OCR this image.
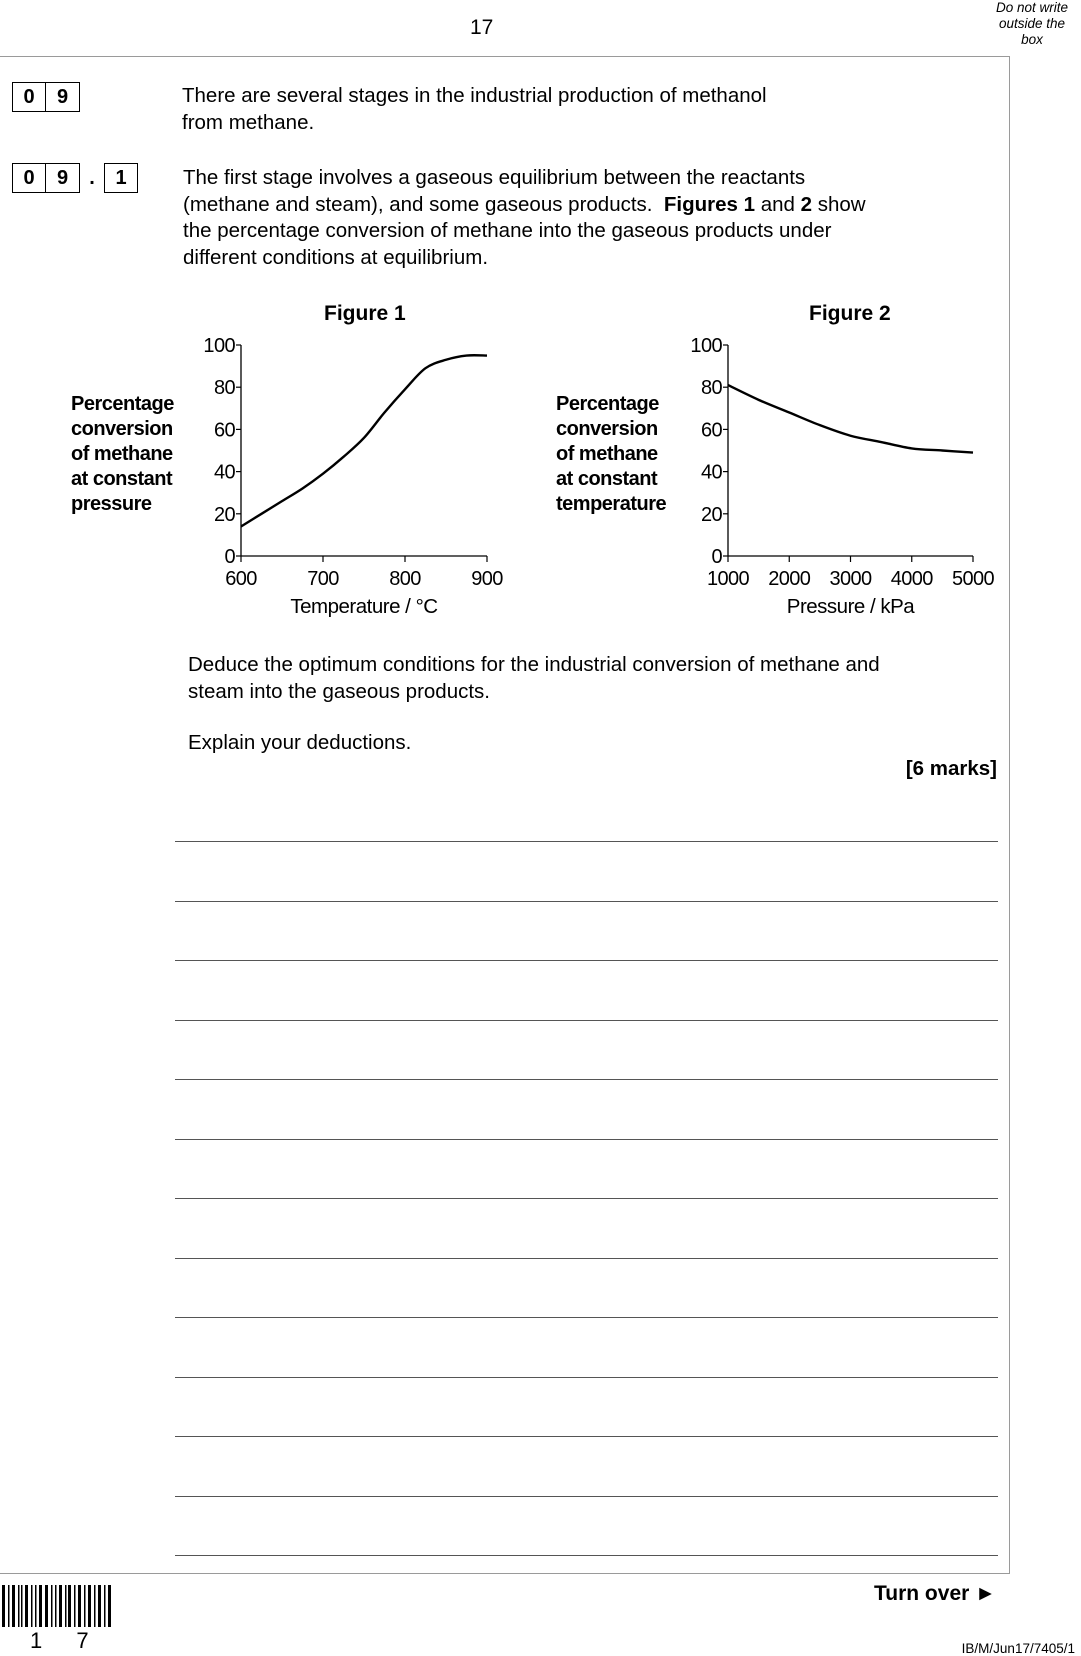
17
Do not write
outside the
box
0	9	There are several stages in the industrial production of methanol
from methane.
0	9	.	1	The first stage involves a gaseous equilibrium between the reactants
(methane and steam), and some gaseous products.  Figures 1 and 2 show
the percentage conversion of methane into the gaseous products under
different conditions at equilibrium.
Figure 1
Percentage
conversion
of methane
at constant
pressure
0
20
40
60
80
100
600	700	800	900
Temperature / °C
Figure 2
Percentage
conversion
of methane
at constant
temperature
0
20
40
60
80
100
1000 2000 3000 4000 5000
Pressure / kPa
Deduce the optimum conditions for the industrial conversion of methane and
steam into the gaseous products.
Explain your deductions.
[6 marks]
1 7
Turn over ►
IB/M/Jun17/7405/1
